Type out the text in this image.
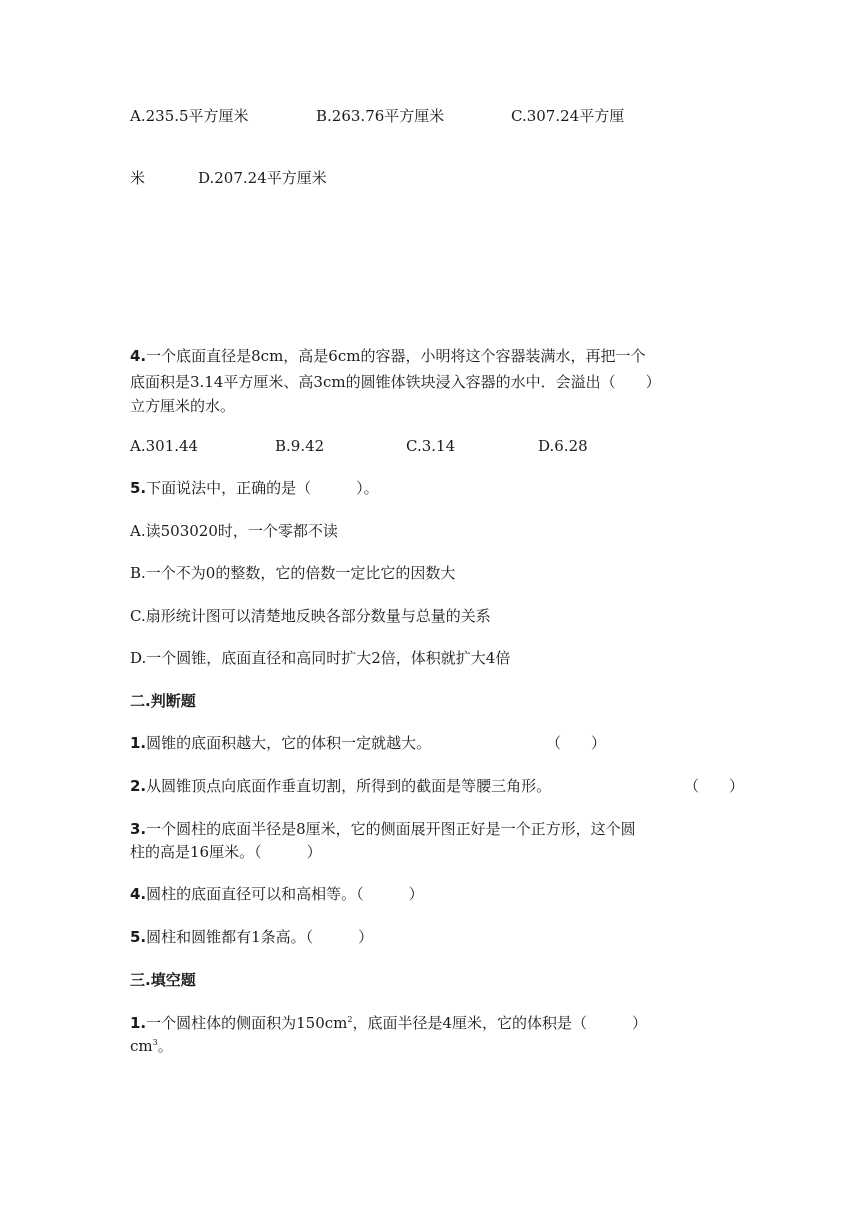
A.235.5平方厘米	B.263.76平方厘米	C.307.24平方厘
米	D.207.24平方厘米
4.一个底面直径是8cm，高是6cm的容器，小明将这个容器装满水，再把一个
底面积是3.14平方厘米、高3cm的圆锥体铁块浸入容器的水中．会溢出（　　）
立方厘米的水。
A.301.44	B.9.42	C.3.14	D.6.28
5.下面说法中，正确的是（　　　）。
A.读503020时，一个零都不读
B.一个不为0的整数，它的倍数一定比它的因数大
C.扇形统计图可以清楚地反映各部分数量与总量的关系
D.一个圆锥，底面直径和高同时扩大2倍，体积就扩大4倍
二.判断题
1.圆锥的底面积越大，它的体积一定就越大。	（　　）
2.从圆锥顶点向底面作垂直切割，所得到的截面是等腰三角形。	（　　）
3.一个圆柱的底面半径是8厘米，它的侧面展开图正好是一个正方形，这个圆
柱的高是16厘米。（　　　）
4.圆柱的底面直径可以和高相等。（　　　）
5.圆柱和圆锥都有1条高。（　　　）
三.填空题
1.一个圆柱体的侧面积为$150cm^2$，底面半径是4厘米，它的体积是（　　　）
$cm^3$。
